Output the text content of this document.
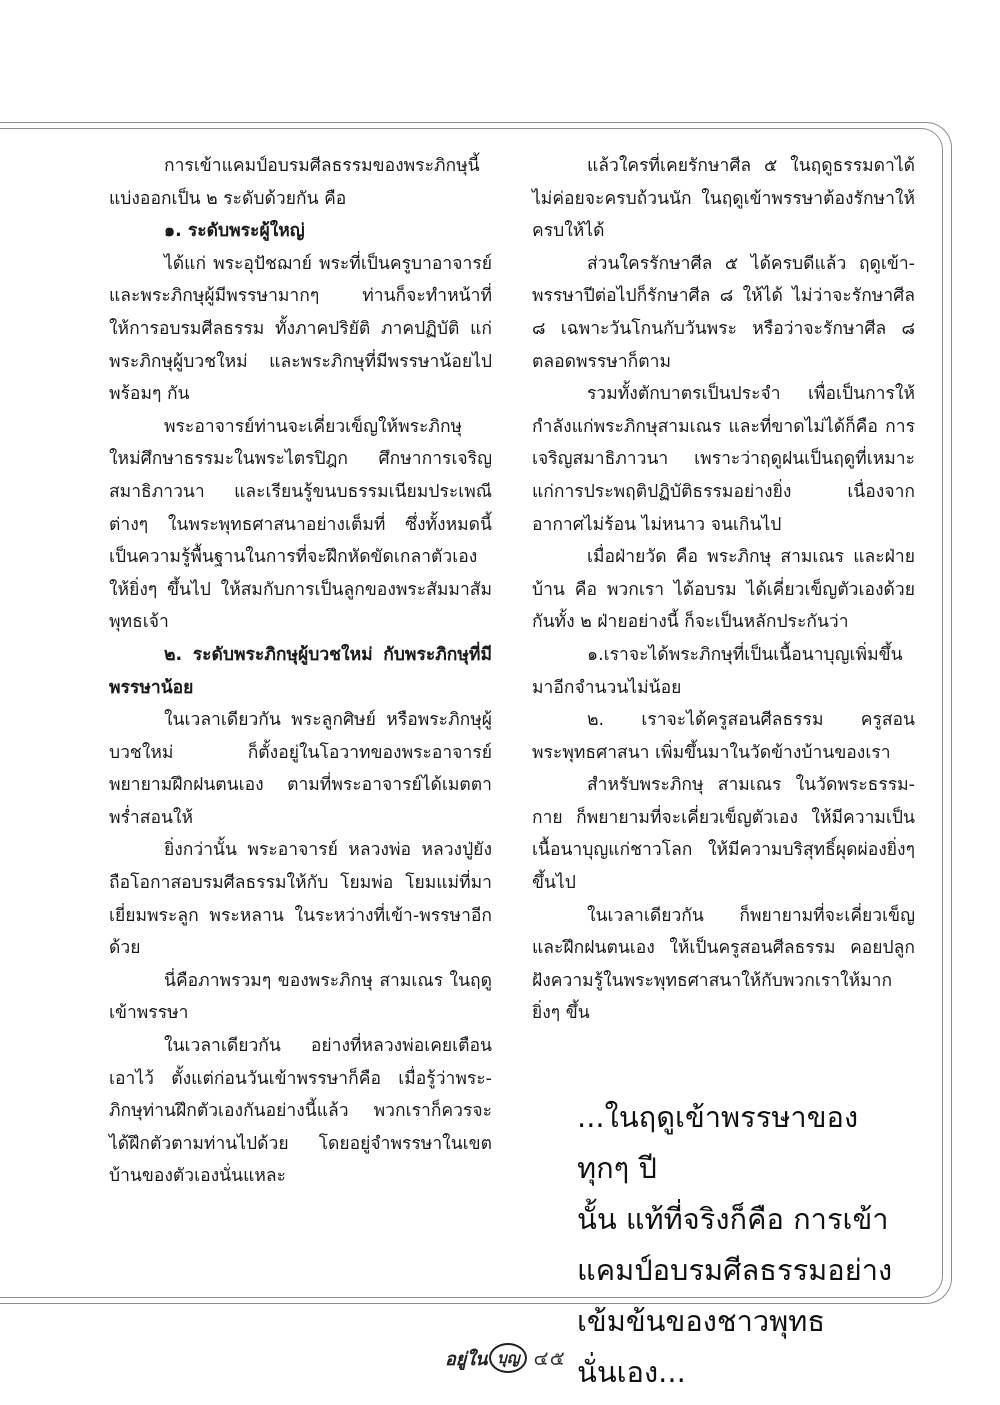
การเข้าแคมป์อบรมศีลธรรมของพระภิกษุนี้แบ่งออกเป็น ๒ ระดับด้วยกัน คือ

๑. ระดับพระผู้ใหญ่

ได้แก่ พระอุปัชฌาย์ พระที่เป็นครูบาอาจารย์ และพระภิกษุผู้มีพรรษามากๆ ท่านก็จะทำหน้าที่ให้การอบรมศีลธรรม ทั้งภาคปริยัติ ภาคปฏิบัติ แก่พระภิกษุผู้บวชใหม่ และพระภิกษุที่มีพรรษาน้อยไปพร้อมๆ กัน

พระอาจารย์ท่านจะเคี่ยวเข็ญให้พระภิกษุใหม่ศึกษาธรรมะในพระไตรปิฎก ศึกษาการเจริญสมาธิภาวนา และเรียนรู้ขนบธรรมเนียมประเพณีต่างๆ ในพระพุทธศาสนาอย่างเต็มที่ ซึ่งทั้งหมดนี้เป็นความรู้พื้นฐานในการที่จะฝึกหัดขัดเกลาตัวเองให้ยิ่งๆ ขึ้นไป ให้สมกับการเป็นลูกของพระสัมมาสัมพุทธเจ้า

๒. ระดับพระภิกษุผู้บวชใหม่ กับพระภิกษุที่มีพรรษาน้อย

ในเวลาเดียวกัน พระลูกศิษย์ หรือพระภิกษุผู้บวชใหม่ ก็ตั้งอยู่ในโอวาทของพระอาจารย์ พยายามฝึกฝนตนเอง ตามที่พระอาจารย์ได้เมตตาพร่ำสอนให้

ยิ่งกว่านั้น พระอาจารย์ หลวงพ่อ หลวงปู่ยังถือโอกาสอบรมศีลธรรมให้กับ โยมพ่อ โยมแม่ที่มาเยี่ยมพระลูก พระหลาน ในระหว่างที่เข้า-พรรษาอีกด้วย

นี่คือภาพรวมๆ ของพระภิกษุ สามเณร ในฤดูเข้าพรรษา

ในเวลาเดียวกัน อย่างที่หลวงพ่อเคยเตือนเอาไว้ ตั้งแต่ก่อนวันเข้าพรรษาก็คือ เมื่อรู้ว่าพระ-ภิกษุท่านฝึกตัวเองกันอย่างนี้แล้ว พวกเราก็ควรจะได้ฝึกตัวตามท่านไปด้วย โดยอยู่จำพรรษาในเขตบ้านของตัวเองนั่นแหละ

แล้วใครที่เคยรักษาศีล ๕ ในฤดูธรรมดาได้ไม่ค่อยจะครบถ้วนนัก ในฤดูเข้าพรรษาต้องรักษาให้ครบให้ได้

ส่วนใครรักษาศีล ๕ ได้ครบดีแล้ว ฤดูเข้า-พรรษาปีต่อไปก็รักษาศีล ๘ ให้ได้ ไม่ว่าจะรักษาศีล ๘ เฉพาะวันโกนกับวันพระ หรือว่าจะรักษาศีล ๘ ตลอดพรรษาก็ตาม

รวมทั้งตักบาตรเป็นประจำ เพื่อเป็นการให้กำลังแก่พระภิกษุสามเณร และที่ขาดไม่ได้ก็คือ การเจริญสมาธิภาวนา เพราะว่าฤดูฝนเป็นฤดูที่เหมาะแก่การประพฤติปฏิบัติธรรมอย่างยิ่ง เนื่องจากอากาศไม่ร้อน ไม่หนาว จนเกินไป

เมื่อฝ่ายวัด คือ พระภิกษุ สามเณร และฝ่ายบ้าน คือ พวกเรา ได้อบรม ได้เคี่ยวเข็ญตัวเองด้วยกันทั้ง ๒ ฝ่ายอย่างนี้ ก็จะเป็นหลักประกันว่า

๑.เราจะได้พระภิกษุที่เป็นเนื้อนาบุญเพิ่มขึ้นมาอีกจำนวนไม่น้อย

๒. เราจะได้ครูสอนศีลธรรม ครูสอนพระพุทธศาสนา เพิ่มขึ้นมาในวัดข้างบ้านของเรา

สำหรับพระภิกษุ สามเณร ในวัดพระธรรม-กาย ก็พยายามที่จะเคี่ยวเข็ญตัวเอง ให้มีความเป็นเนื้อนาบุญแก่ชาวโลก ให้มีความบริสุทธิ์ผุดผ่องยิ่งๆ ขึ้นไป

ในเวลาเดียวกัน ก็พยายามที่จะเคี่ยวเข็ญและฝึกฝนตนเอง ให้เป็นครูสอนศีลธรรม คอยปลูกฝังความรู้ในพระพุทธศาสนาให้กับพวกเราให้มากยิ่งๆ ขึ้น

...ในฤดูเข้าพรรษาของทุกๆ ปี

นั้น แท้ที่จริงก็คือ การเข้า

แคมป์อบรมศีลธรรมอย่าง

เข้มข้นของชาวพุทธนั่นเอง...

อยู่ใน บุญ ๔๕
